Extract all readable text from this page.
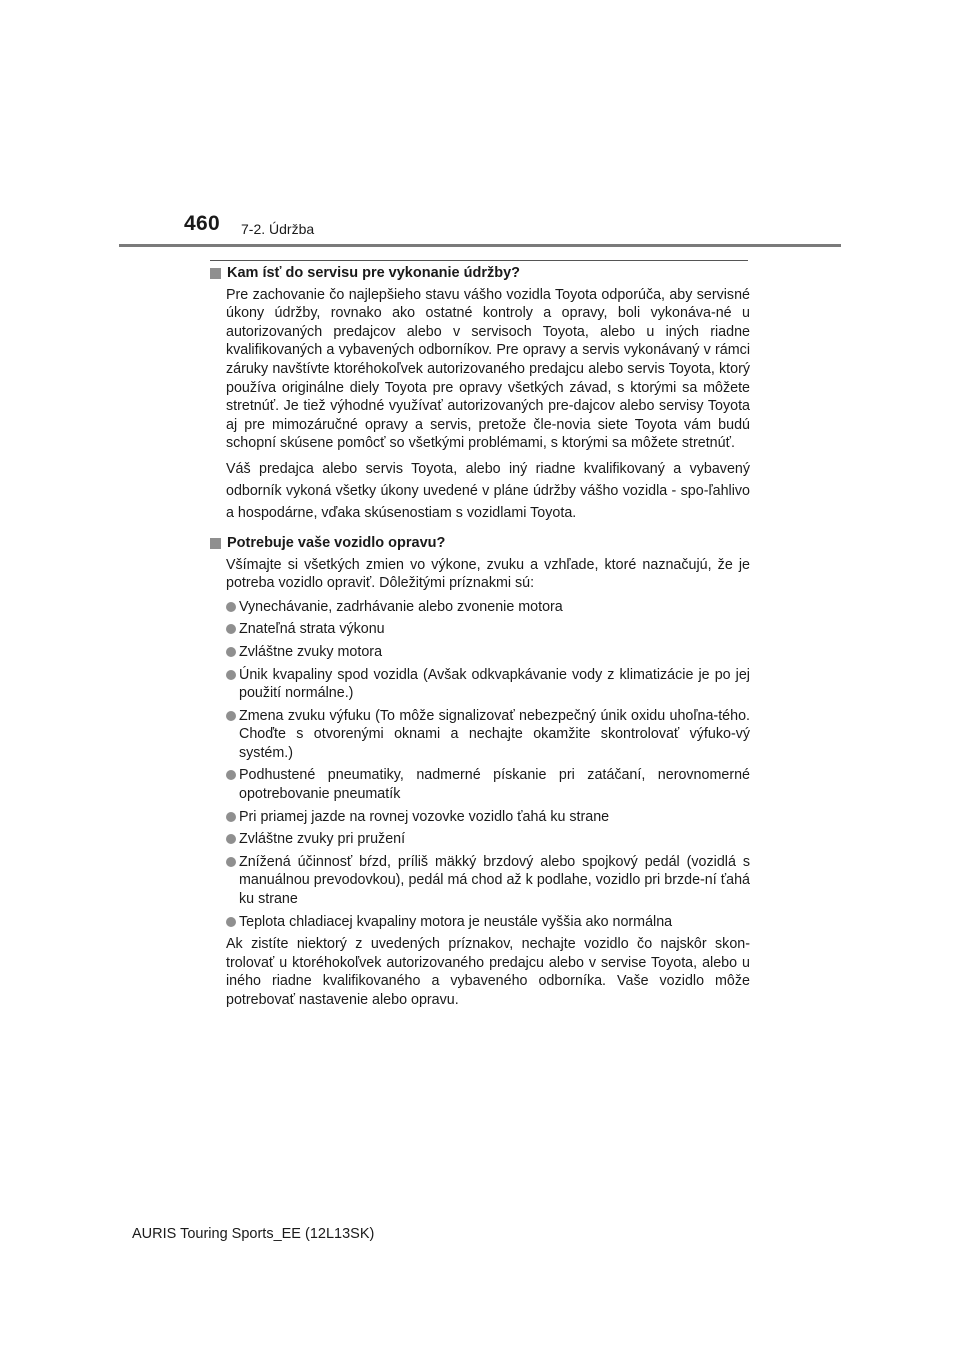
460 7-2. Údržba
Kam ísť do servisu pre vykonanie údržby?

Pre zachovanie čo najlepšieho stavu vášho vozidla Toyota odporúča, aby servisné úkony údržby, rovnako ako ostatné kontroly a opravy, boli vykonáva-né u autorizovaných predajcov alebo v servisoch Toyota, alebo u iných riadne kvalifikovaných a vybavených odborníkov. Pre opravy a servis vykonávaný v rámci záruky navštívte ktoréhokoľvek autorizovaného predajcu alebo servis Toyota, ktorý používa originálne diely Toyota pre opravy všetkých závad, s ktorými sa môžete stretnúť. Je tiež výhodné využívať autorizovaných pre-dajcov alebo servisy Toyota aj pre mimozáručné opravy a servis, pretože čle-novia siete Toyota vám budú schopní skúsene pomôcť so všetkými problémami, s ktorými sa môžete stretnúť.

Váš predajca alebo servis Toyota, alebo iný riadne kvalifikovaný a vybavený odborník vykoná všetky úkony uvedené v pláne údržby vášho vozidla - spo-ľahlivo a hospodárne, vďaka skúsenostiam s vozidlami Toyota.

Potrebuje vaše vozidlo opravu?

Všímajte si všetkých zmien vo výkone, zvuku a vzhľade, ktoré naznačujú, že je potreba vozidlo opraviť. Dôležitými príznakmi sú:

Vynechávanie, zadrhávanie alebo zvonenie motora
Znateľná strata výkonu
Zvláštne zvuky motora
Únik kvapaliny spod vozidla (Avšak odkvapkávanie vody z klimatizácie je po jej použití normálne.)
Zmena zvuku výfuku (To môže signalizovať nebezpečný únik oxidu uhoľna-tého. Choďte s otvorenými oknami a nechajte okamžite skontrolovať výfuko-vý systém.)
Podhustené pneumatiky, nadmerné pískanie pri zatáčaní, nerovnomerné opotrebovanie pneumatík
Pri priamej jazde na rovnej vozovke vozidlo ťahá ku strane
Zvláštne zvuky pri pružení
Znížená účinnosť bŕzd, príliš mäkký brzdový alebo spojkový pedál (vozidlá s manuálnou prevodovkou), pedál má chod až k podlahe, vozidlo pri brzde-ní ťahá ku strane
Teplota chladiacej kvapaliny motora je neustále vyššia ako normálna

Ak zistíte niektorý z uvedených príznakov, nechajte vozidlo čo najskôr skon-trolovať u ktoréhokoľvek autorizovaného predajcu alebo v servise Toyota, alebo u iného riadne kvalifikovaného a vybaveného odborníka. Vaše vozidlo môže potrebovať nastavenie alebo opravu.

AURIS Touring Sports_EE (12L13SK)
